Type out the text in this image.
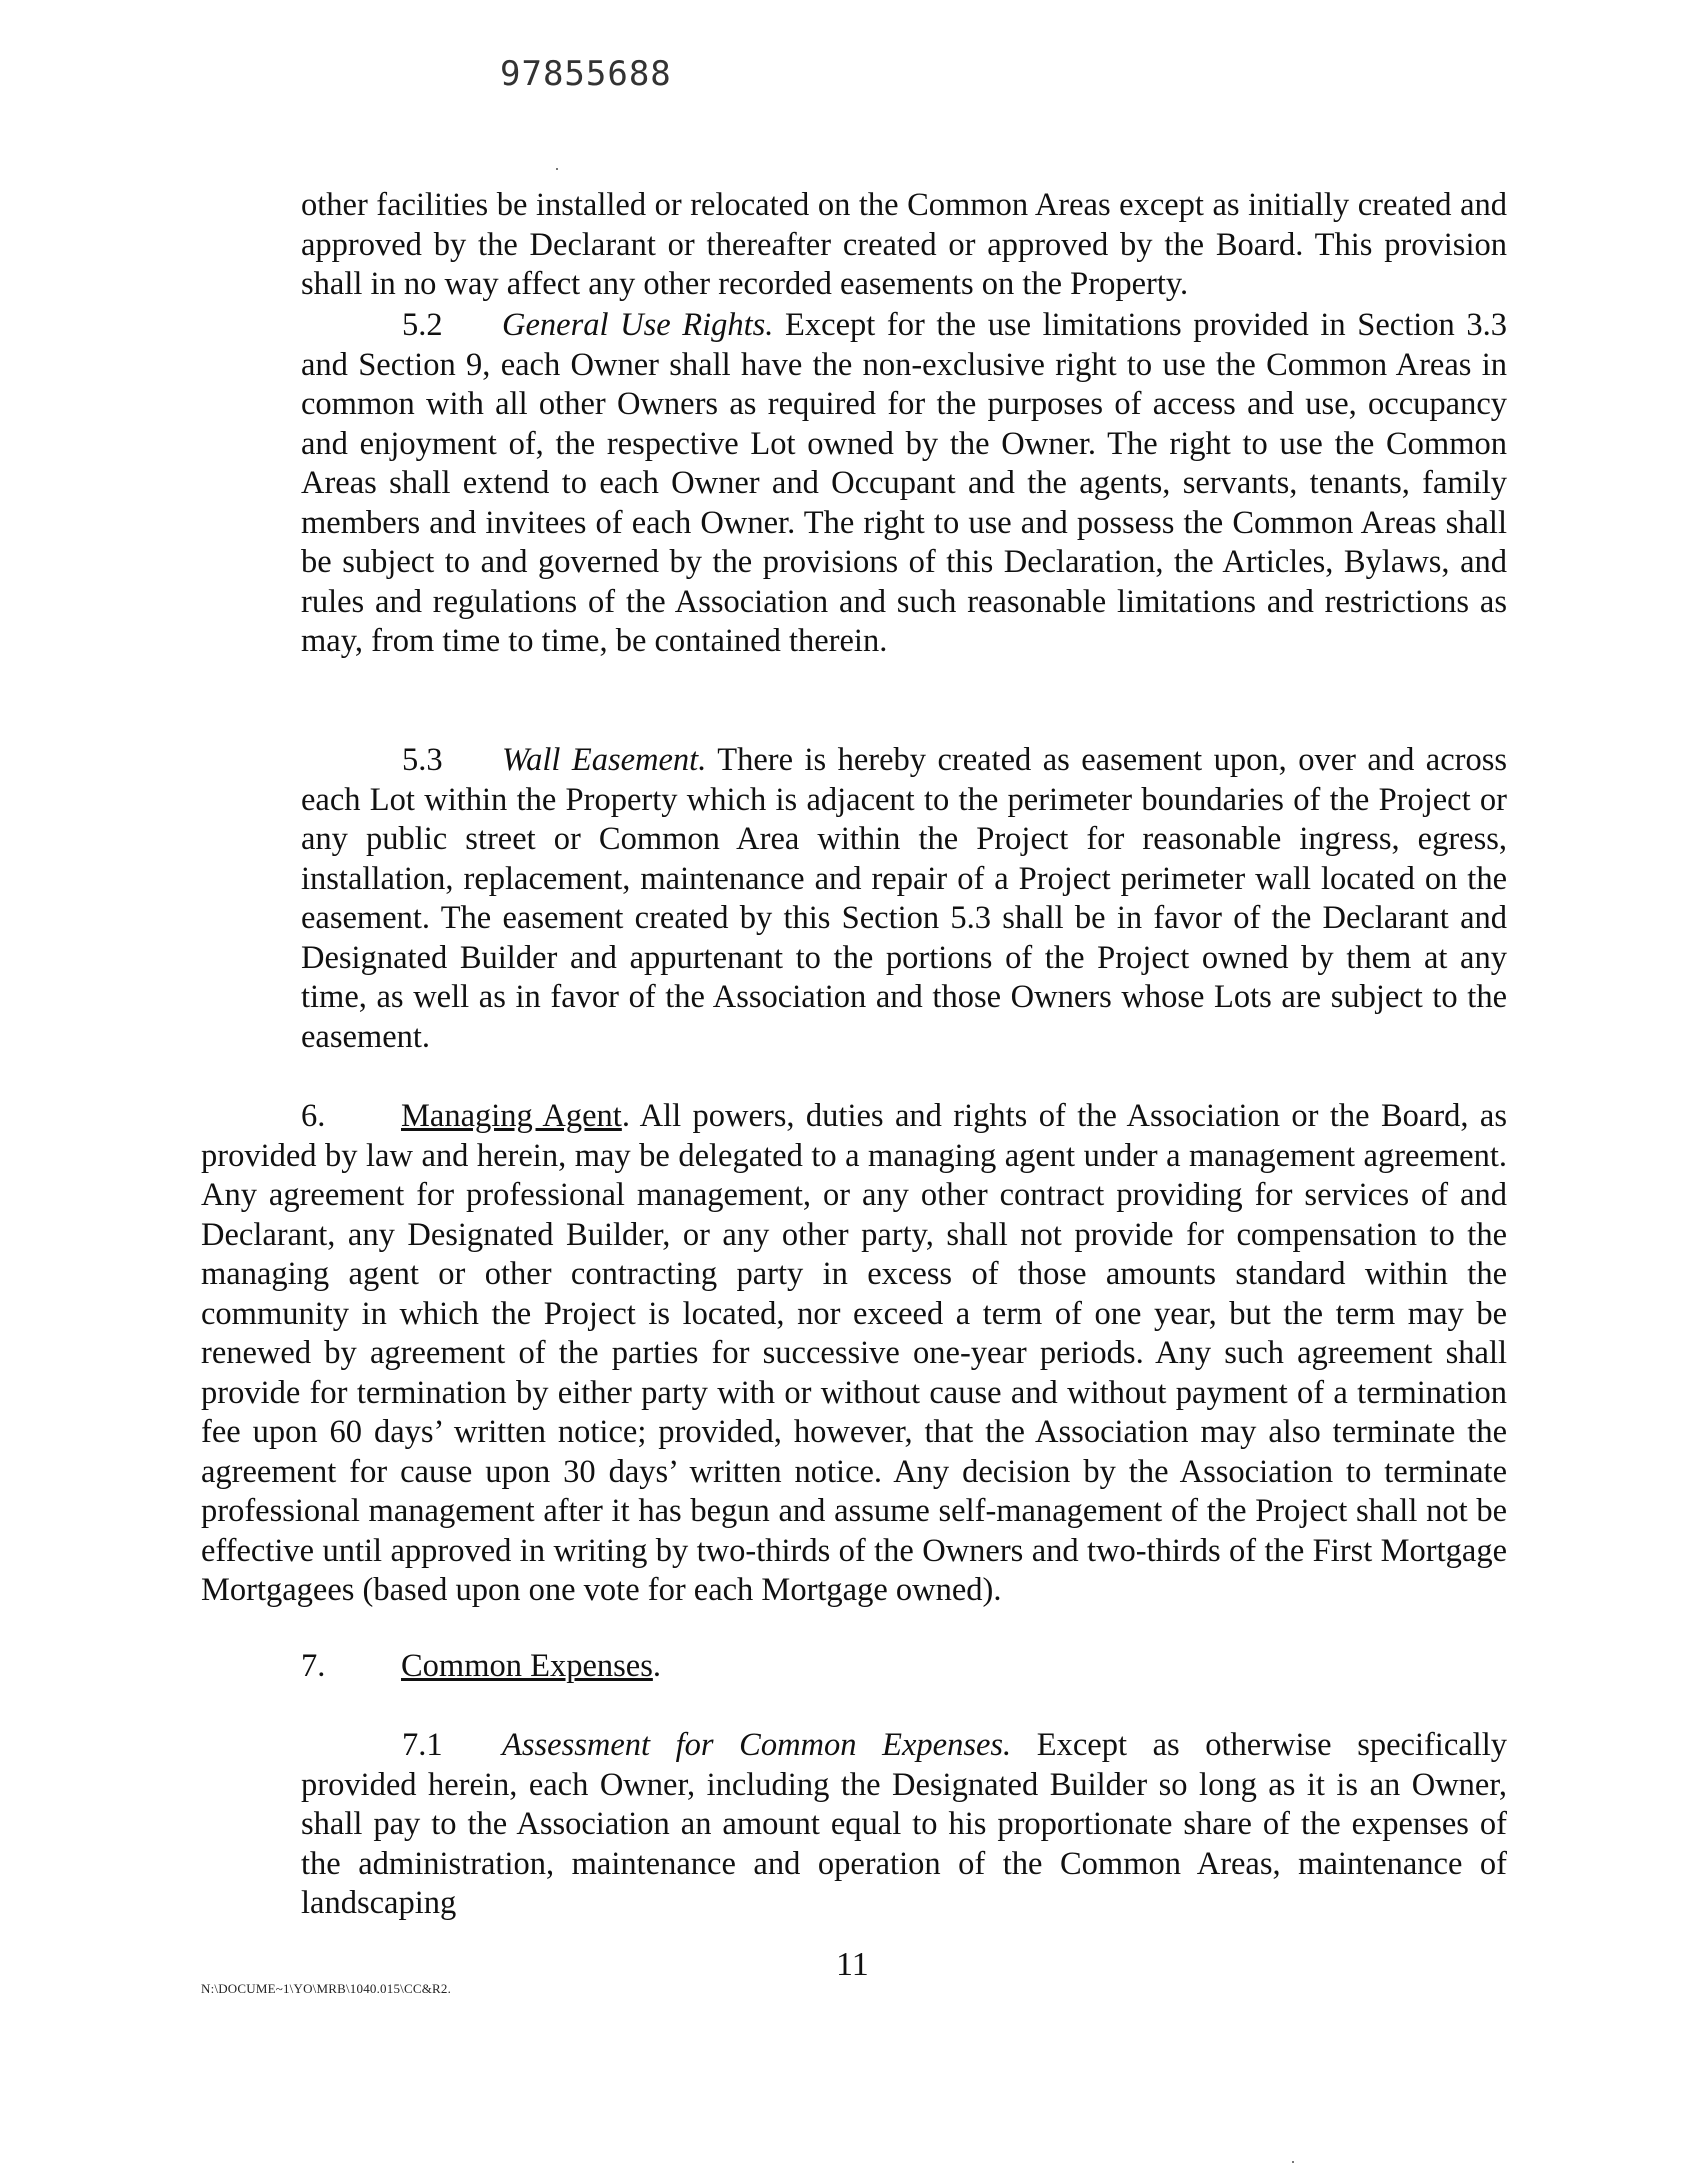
97855688

other facilities be installed or relocated on the Common Areas except as initially created and approved by the Declarant or thereafter created or approved by the Board. This provision shall in no way affect any other recorded easements on the Property.

5.2 General Use Rights. Except for the use limitations provided in Section 3.3 and Section 9, each Owner shall have the non-exclusive right to use the Common Areas in common with all other Owners as required for the purposes of access and use, occupancy and enjoyment of, the respective Lot owned by the Owner. The right to use the Common Areas shall extend to each Owner and Occupant and the agents, servants, tenants, family members and invitees of each Owner. The right to use and possess the Common Areas shall be subject to and governed by the provisions of this Declaration, the Articles, Bylaws, and rules and regulations of the Association and such reasonable limitations and restrictions as may, from time to time, be contained therein.

5.3 Wall Easement. There is hereby created as easement upon, over and across each Lot within the Property which is adjacent to the perimeter boundaries of the Project or any public street or Common Area within the Project for reasonable ingress, egress, installation, replacement, maintenance and repair of a Project perimeter wall located on the easement. The easement created by this Section 5.3 shall be in favor of the Declarant and Designated Builder and appurtenant to the portions of the Project owned by them at any time, as well as in favor of the Association and those Owners whose Lots are subject to the easement.

6. Managing Agent. All powers, duties and rights of the Association or the Board, as provided by law and herein, may be delegated to a managing agent under a management agreement. Any agreement for professional management, or any other contract providing for services of and Declarant, any Designated Builder, or any other party, shall not provide for compensation to the managing agent or other contracting party in excess of those amounts standard within the community in which the Project is located, nor exceed a term of one year, but the term may be renewed by agreement of the parties for successive one-year periods. Any such agreement shall provide for termination by either party with or without cause and without payment of a termination fee upon 60 days’ written notice; provided, however, that the Association may also terminate the agreement for cause upon 30 days’ written notice. Any decision by the Association to terminate professional management after it has begun and assume self-management of the Project shall not be effective until approved in writing by two-thirds of the Owners and two-thirds of the First Mortgage Mortgagees (based upon one vote for each Mortgage owned).

7. Common Expenses.

7.1 Assessment for Common Expenses. Except as otherwise specifically provided herein, each Owner, including the Designated Builder so long as it is an Owner, shall pay to the Association an amount equal to his proportionate share of the expenses of the administration, maintenance and operation of the Common Areas, maintenance of landscaping

N:\DOCUME~1\YO\MRB\1040.015\CC&R2.
11
